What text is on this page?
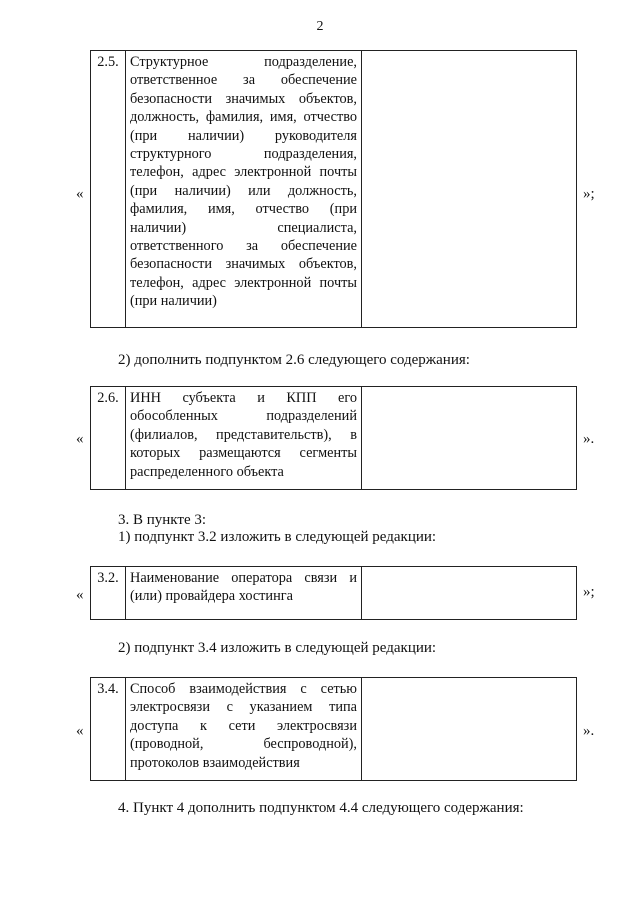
2
«
2.5.	Структурное подразделение, ответственное за обеспечение безопасности значимых объектов, должность, фамилия, имя, отчество (при наличии) руководителя структурного подразделения, телефон, адрес электронной почты (при наличии) или должность, фамилия, имя, отчество (при наличии) специалиста, ответственного за обеспечение безопасности значимых объектов, телефон, адрес электронной почты (при наличии)	
»;
2) дополнить подпунктом 2.6 следующего содержания:
«
2.6.	ИНН субъекта и КПП его обособленных подразделений (филиалов, представительств), в которых размещаются сегменты распределенного объекта	
».
3. В пункте 3:
1) подпункт 3.2 изложить в следующей редакции:
«
3.2.	Наименование оператора связи и (или) провайдера хостинга		»;
2) подпункт 3.4 изложить в следующей редакции:
«
3.4.	Способ взаимодействия с сетью электросвязи с указанием типа доступа к сети электросвязи (проводной, беспроводной), протоколов взаимодействия	
».
4. Пункт 4 дополнить подпунктом 4.4 следующего содержания:
